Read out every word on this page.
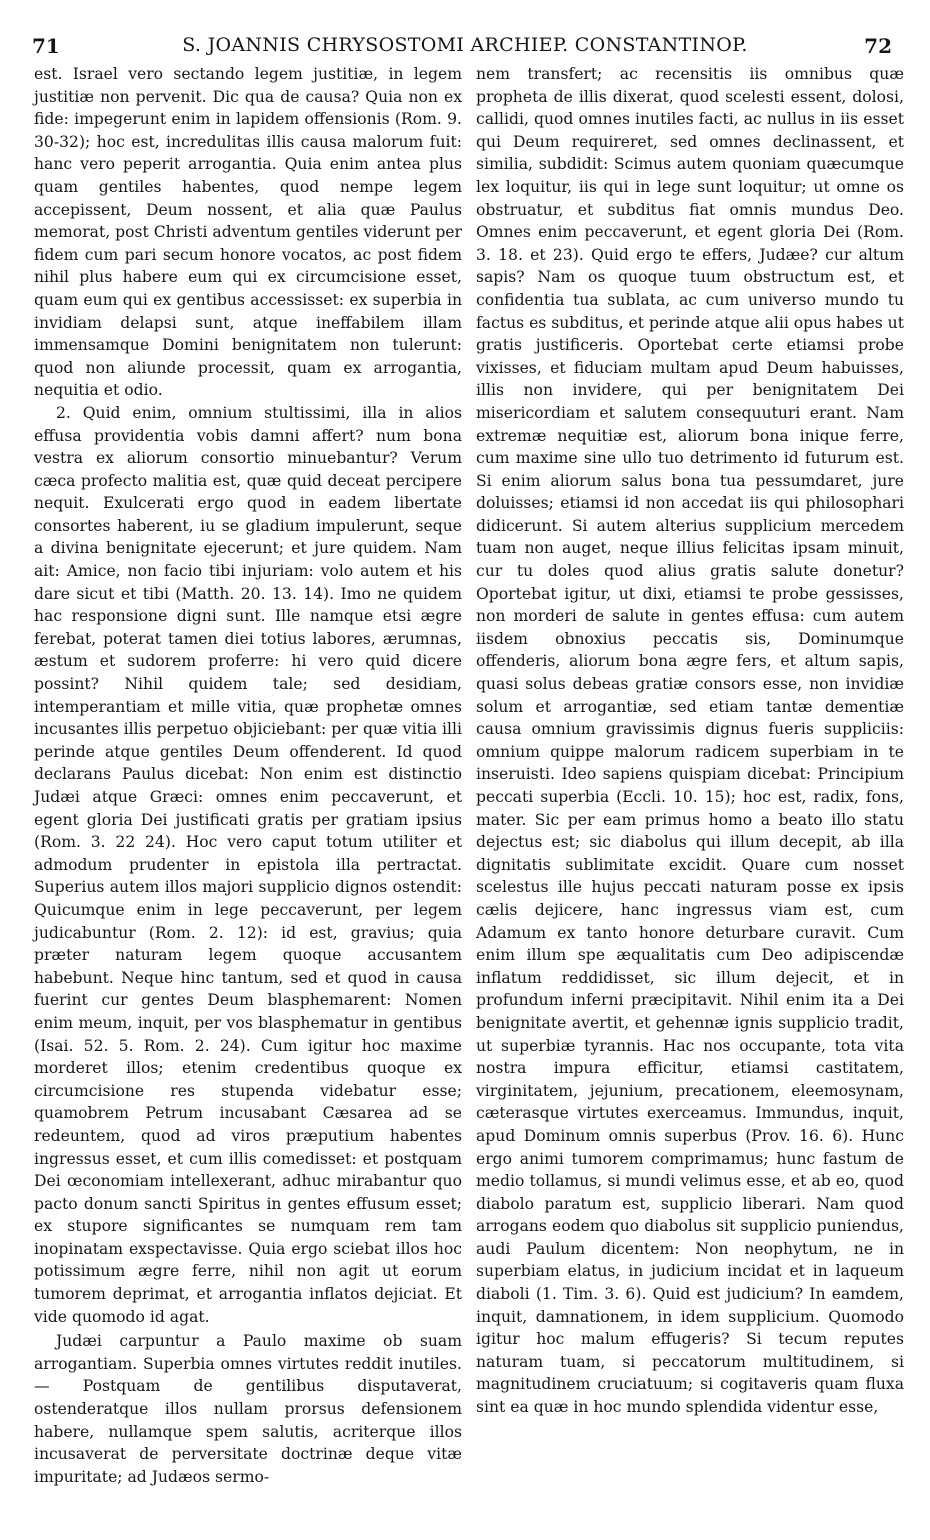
71	S. JOANNIS CHRYSOSTOMI ARCHIEP. CONSTANTINOP.	72

est. Israel vero sectando legem justitiæ, in legem justitiæ non pervenit. Dic qua de causa? Quia non ex fide: impegerunt enim in lapidem offensionis (Rom. 9. 30-32); hoc est, incredulitas illis causa malorum fuit: hanc vero peperit arrogantia. Quia enim antea plus quam gentiles habentes, quod nempe legem accepissent, Deum nossent, et alia quæ Paulus memorat, post Christi adventum gentiles viderunt per fidem cum pari secum honore vocatos, ac post fidem nihil plus habere eum qui ex circumcisione esset, quam eum qui ex gentibus accessisset: ex superbia in invidiam delapsi sunt, atque ineffabilem illam immensamque Domini benignitatem non tulerunt: quod non aliunde processit, quam ex arrogantia, nequitia et odio.

2. Quid enim, omnium stultissimi, illa in alios effusa providentia vobis damni affert? num bona vestra ex aliorum consortio minuebantur? Verum cæca profecto malitia est, quæ quid deceat percipere nequit. Exulcerati ergo quod in eadem libertate consortes haberent, iu se gladium impulerunt, seque a divina benignitate ejecerunt; et jure quidem. Nam ait: Amice, non facio tibi injuriam: volo autem et his dare sicut et tibi (Matth. 20. 13. 14). Imo ne quidem hac responsione digni sunt. Ille namque etsi ægre ferebat, poterat tamen diei totius labores, ærumnas, æstum et sudorem proferre: hi vero quid dicere possint? Nihil quidem tale; sed desidiam, intemperantiam et mille vitia, quæ prophetæ omnes incusantes illis perpetuo objiciebant: per quæ vitia illi perinde atque gentiles Deum offenderent. Id quod declarans Paulus dicebat: Non enim est distinctio Judæi atque Græci: omnes enim peccaverunt, et egent gloria Dei justificati gratis per gratiam ipsius (Rom. 3. 22 24). Hoc vero caput totum utiliter et admodum prudenter in epistola illa pertractat. Superius autem illos majori supplicio dignos ostendit: Quicumque enim in lege peccaverunt, per legem judicabuntur (Rom. 2. 12): id est, gravius; quia præter naturam legem quoque accusantem habebunt. Neque hinc tantum, sed et quod in causa fuerint cur gentes Deum blasphemarent: Nomen enim meum, inquit, per vos blasphematur in gentibus (Isai. 52. 5. Rom. 2. 24). Cum igitur hoc maxime morderet illos; etenim credentibus quoque ex circumcisione res stupenda videbatur esse; quamobrem Petrum incusabant Cæsarea ad se redeuntem, quod ad viros præputium habentes ingressus esset, et cum illis comedisset: et postquam Dei œconomiam intellexerant, adhuc mirabantur quo pacto donum sancti Spiritus in gentes effusum esset; ex stupore significantes se numquam rem tam inopinatam exspectavisse. Quia ergo sciebat illos hoc potissimum ægre ferre, nihil non agit ut eorum tumorem deprimat, et arrogantia inflatos dejiciat. Et vide quomodo id agat.

Judæi carpuntur a Paulo maxime ob suam arrogantiam. Superbia omnes virtutes reddit inutiles. — Postquam de gentilibus disputaverat, ostenderatque illos nullam prorsus defensionem habere, nullamque spem salutis, acriterque illos incusaverat de perversitate doctrinæ deque vitæ impuritate; ad Judæos sermo-

nem transfert; ac recensitis iis omnibus quæ propheta de illis dixerat, quod scelesti essent, dolosi, callidi, quod omnes inutiles facti, ac nullus in iis esset qui Deum requireret, sed omnes declinassent, et similia, subdidit: Scimus autem quoniam quæcumque lex loquitur, iis qui in lege sunt loquitur; ut omne os obstruatur, et subditus fiat omnis mundus Deo. Omnes enim peccaverunt, et egent gloria Dei (Rom. 3. 18. et 23). Quid ergo te effers, Judæe? cur altum sapis? Nam os quoque tuum obstructum est, et confidentia tua sublata, ac cum universo mundo tu factus es subditus, et perinde atque alii opus habes ut gratis justificeris. Oportebat certe etiamsi probe vixisses, et fiduciam multam apud Deum habuisses, illis non invidere, qui per benignitatem Dei misericordiam et salutem consequuturi erant. Nam extremæ nequitiæ est, aliorum bona inique ferre, cum maxime sine ullo tuo detrimento id futurum est. Si enim aliorum salus bona tua pessumdaret, jure doluisses; etiamsi id non accedat iis qui philosophari didicerunt. Si autem alterius supplicium mercedem tuam non auget, neque illius felicitas ipsam minuit, cur tu doles quod alius gratis salute donetur? Oportebat igitur, ut dixi, etiamsi te probe gessisses, non morderi de salute in gentes effusa: cum autem iisdem obnoxius peccatis sis, Dominumque offenderis, aliorum bona ægre fers, et altum sapis, quasi solus debeas gratiæ consors esse, non invidiæ solum et arrogantiæ, sed etiam tantæ dementiæ causa omnium gravissimis dignus fueris suppliciis: omnium quippe malorum radicem superbiam in te inseruisti. Ideo sapiens quispiam dicebat: Principium peccati superbia (Eccli. 10. 15); hoc est, radix, fons, mater. Sic per eam primus homo a beato illo statu dejectus est; sic diabolus qui illum decepit, ab illa dignitatis sublimitate excidit. Quare cum nosset scelestus ille hujus peccati naturam posse ex ipsis cælis dejicere, hanc ingressus viam est, cum Adamum ex tanto honore deturbare curavit. Cum enim illum spe æqualitatis cum Deo adipiscendæ inflatum reddidisset, sic illum dejecit, et in profundum inferni præcipitavit. Nihil enim ita a Dei benignitate avertit, et gehennæ ignis supplicio tradit, ut superbiæ tyrannis. Hac nos occupante, tota vita nostra impura efficitur, etiamsi castitatem, virginitatem, jejunium, precationem, eleemosynam, cæterasque virtutes exerceamus. Immundus, inquit, apud Dominum omnis superbus (Prov. 16. 6). Hunc ergo animi tumorem comprimamus; hunc fastum de medio tollamus, si mundi velimus esse, et ab eo, quod diabolo paratum est, supplicio liberari. Nam quod arrogans eodem quo diabolus sit supplicio puniendus, audi Paulum dicentem: Non neophytum, ne in superbiam elatus, in judicium incidat et in laqueum diaboli (1. Tim. 3. 6). Quid est judicium? In eamdem, inquit, damnationem, in idem supplicium. Quomodo igitur hoc malum effugeris? Si tecum reputes naturam tuam, si peccatorum multitudinem, si magnitudinem cruciatuum; si cogitaveris quam fluxa sint ea quæ in hoc mundo splendida videntur esse,
